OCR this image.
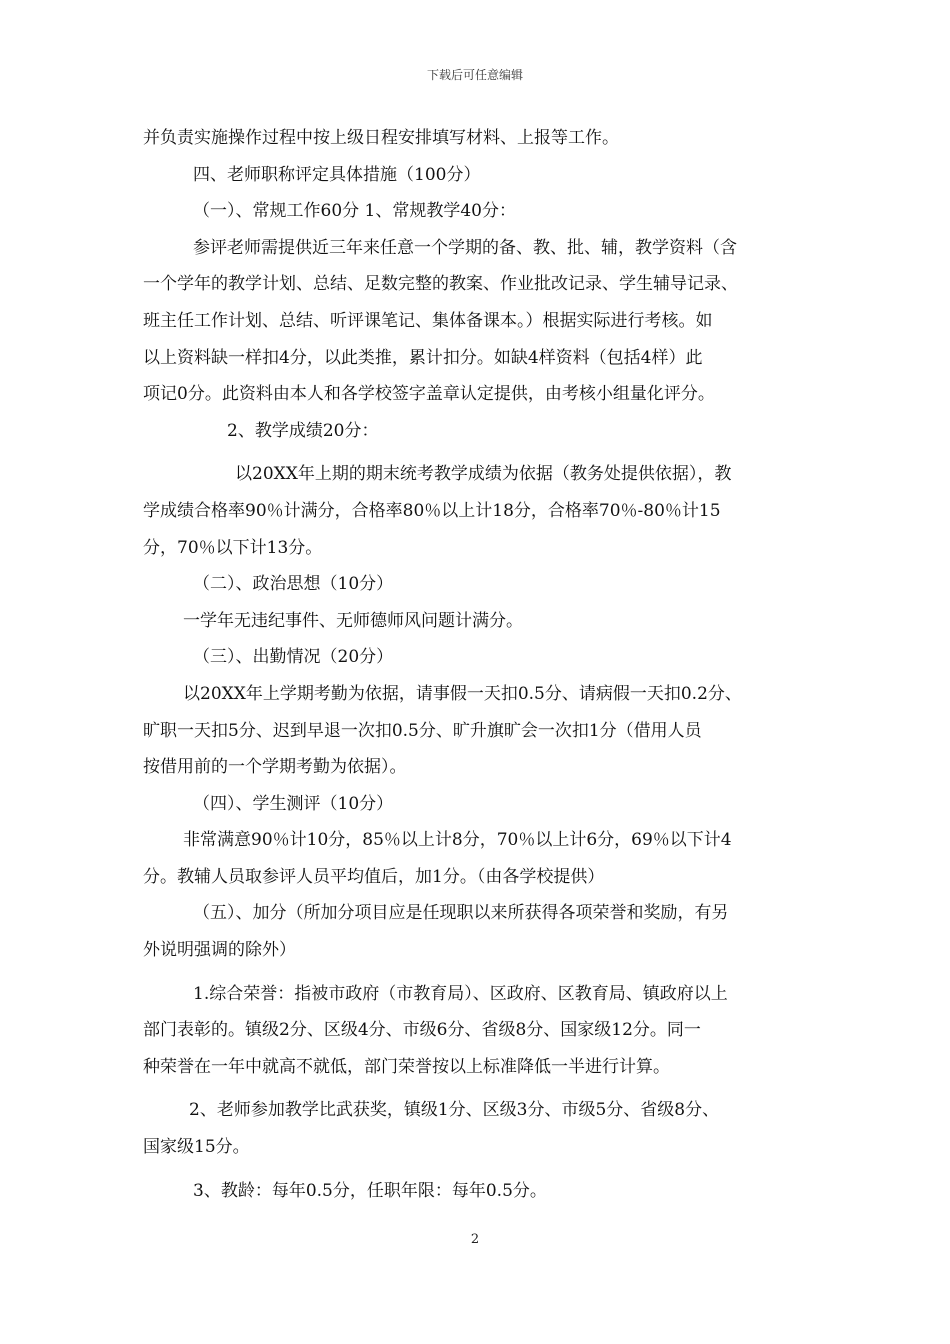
下载后可任意编辑
并负责实施操作过程中按上级日程安排填写材料、上报等工作。
四、老师职称评定具体措施（100分）
（一）、常规工作60分 1、常规教学40分：
参评老师需提供近三年来任意一个学期的备、教、批、辅，教学资料（含
一个学年的教学计划、总结、足数完整的教案、作业批改记录、学生辅导记录、
班主任工作计划、总结、听评课笔记、集体备课本。）根据实际进行考核。如
以上资料缺一样扣4分，以此类推，累计扣分。如缺4样资料（包括4样）此
项记0分。此资料由本人和各学校签字盖章认定提供，由考核小组量化评分。
2、教学成绩20分：
以20XX年上期的期末统考教学成绩为依据（教务处提供依据），教
学成绩合格率90％计满分，合格率80％以上计18分，合格率70％-80％计15
分，70％以下计13分。
（二）、政治思想（10分）
一学年无违纪事件、无师德师风问题计满分。
（三）、出勤情况（20分）
以20XX年上学期考勤为依据，请事假一天扣0.5分、请病假一天扣0.2分、
旷职一天扣5分、迟到早退一次扣0.5分、旷升旗旷会一次扣1分（借用人员
按借用前的一个学期考勤为依据）。
（四）、学生测评（10分）
非常满意90％计10分，85％以上计8分，70％以上计6分，69％以下计4
分。教辅人员取参评人员平均值后，加1分。（由各学校提供）
（五）、加分（所加分项目应是任现职以来所获得各项荣誉和奖励，有另
外说明强调的除外）
1.综合荣誉：指被市政府（市教育局）、区政府、区教育局、镇政府以上
部门表彰的。镇级2分、区级4分、市级6分、省级8分、国家级12分。同一
种荣誉在一年中就高不就低，部门荣誉按以上标准降低一半进行计算。
2、老师参加教学比武获奖，镇级1分、区级3分、市级5分、省级8分、
国家级15分。
3、教龄：每年0.5分，任职年限：每年0.5分。
2
